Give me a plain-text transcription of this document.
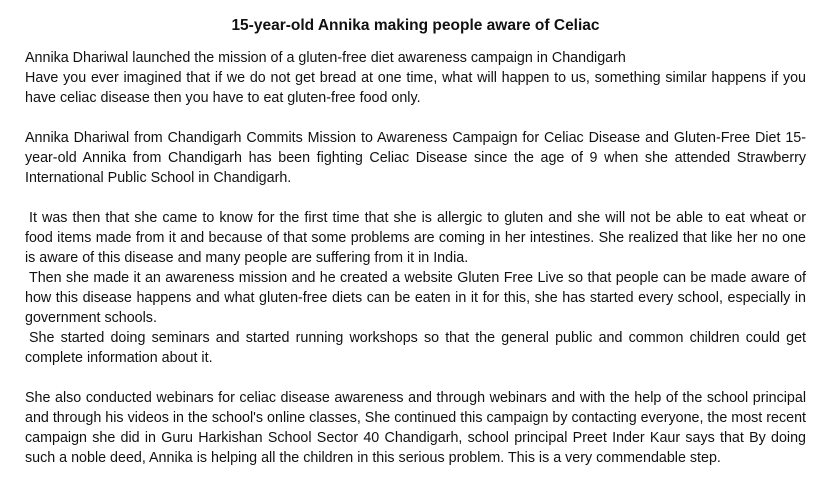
15-year-old Annika making people aware of Celiac

Annika Dhariwal launched the mission of a gluten-free diet awareness campaign in Chandigarh

Have you ever imagined that if we do not get bread at one time, what will happen to us, something similar happens if you have celiac disease then you have to eat gluten-free food only.

Annika Dhariwal from Chandigarh Commits Mission to Awareness Campaign for Celiac Disease and Gluten-Free Diet 15-year-old Annika from Chandigarh has been fighting Celiac Disease since the age of 9 when she attended Strawberry International Public School in Chandigarh.

It was then that she came to know for the first time that she is allergic to gluten and she will not be able to eat wheat or food items made from it and because of that some problems are coming in her intestines. She realized that like her no one is aware of this disease and many people are suffering from it in India.

Then she made it an awareness mission and he created a website Gluten Free Live so that people can be made aware of how this disease happens and what gluten-free diets can be eaten in it for this, she has started every school, especially in government schools.

She started doing seminars and started running workshops so that the general public and common children could get complete information about it.

She also conducted webinars for celiac disease awareness and through webinars and with the help of the school principal and through his videos in the school's online classes, She continued this campaign by contacting everyone, the most recent campaign she did in Guru Harkishan School Sector 40 Chandigarh, school principal Preet Inder Kaur says that By doing such a noble deed, Annika is helping all the children in this serious problem. This is a very commendable step.
